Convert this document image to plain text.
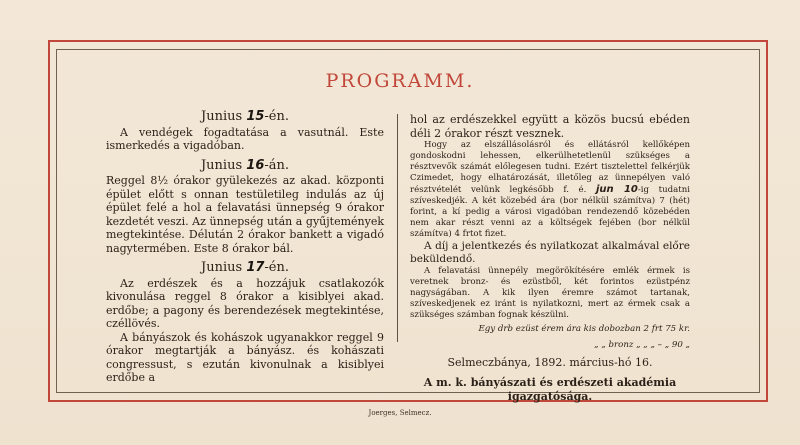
PROGRAMM.
Junius 15-én.

A vendégek fogadtatása a vasutnál. Este ismerkedés a vigadóban.

Junius 16-án.

Reggel 8½ órakor gyülekezés az akad. központi épület előtt s onnan testületileg indulás az új épület felé a hol a felavatási ünnepség 9 órakor kezdetét veszi. Az ünnepség után a gyűjtemények megtekintése. Délután 2 órakor bankett a vigadó nagytermében. Este 8 órakor bál.

Junius 17-én.

Az erdészek és a hozzájuk csatlakozók kivonulása reggel 8 órakor a kisiblyei akad. erdőbe; a pagony és berendezések megtekintése, czéllövés.

A bányászok és kohászok ugyanakkor reggel 9 órakor megtartják a bányász. és kohászati congressust, s ezután kivonulnak a kisiblyei erdőbe a

hol az erdészekkel együtt a közös bucsú ebéden déli 2 órakor részt vesznek.

Hogy az elszállásolásról és ellátásról kellőképen gondoskodni lehessen, elkerülhetetlenül szükséges a résztvevők számát előlegesen tudni. Ezért tisztelettel felkérjük Czimedet, hogy elhatározását, illetőleg az ünnepélyen való résztvételét velünk legkésőbb f. é. jun 10-ig tudatni szíveskedjék. A két közebéd ára (bor nélkül számítva) 7 (hét) forint, a kí pedig a városi vigadóban rendezendő közebéden nem akar részt venni az a költségek fejében (bor nélkül számítva) 4 frtot fizet.

A díj a jelentkezés és nyilatkozat alkalmával előre beküldendő.

A felavatási ünnepély megörökítésére emlék érmek is veretnek bronz- és ezüstből, két forintos ezüstpénz nagyságában. A kik ilyen éremre számot tartanak, szíveskedjenek ez iránt is nyilatkozni, mert az érmek csak a szükséges számban fognak készülni.

Egy drb ezüst érem ára kis dobozban 2 frt 75 kr.

„ „ bronz „ „ „ – „ 90 „

Selmeczbánya, 1892. március-hó 16.
A m. k. bányászati és erdészeti akadémia
igazgatósága.
Joerges, Selmecz.
